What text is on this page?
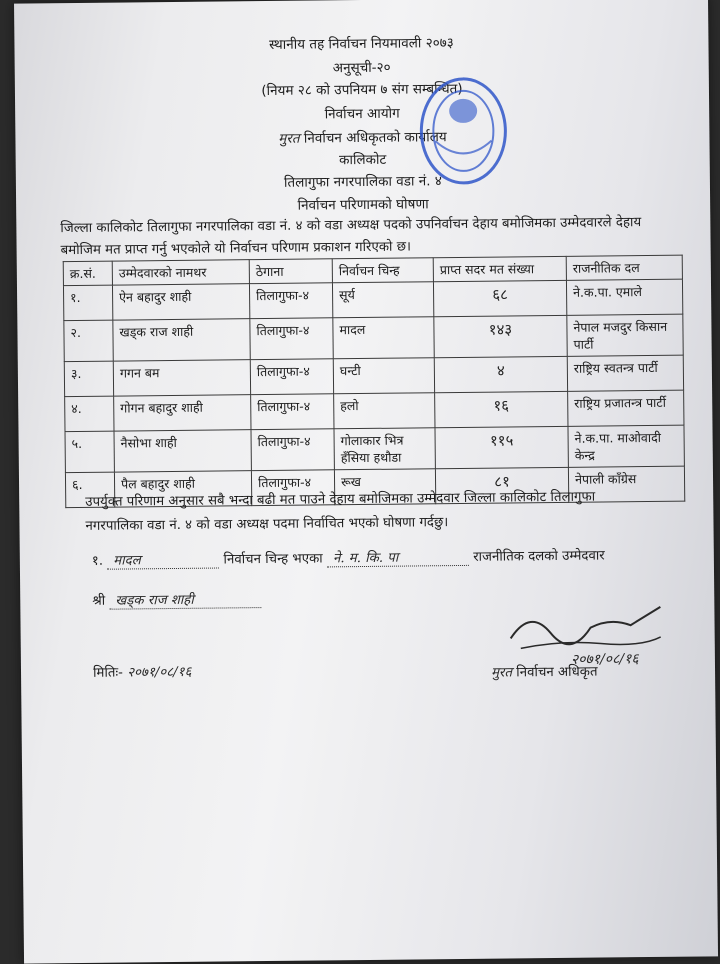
स्थानीय तह निर्वाचन नियमावली २०७३
अनुसूची-२०
(नियम २८ को उपनियम ७ संग सम्बन्धित)
निर्वाचन आयोग
मुरत निर्वाचन अधिकृतको कार्यालय
कालिकोट
तिलागुफा नगरपालिका वडा नं. ४
निर्वाचन परिणामको घोषणा
जिल्ला कालिकोट तिलागुफा नगरपालिका वडा नं. ४ को वडा अध्यक्ष पदको उपनिर्वाचन देहाय बमोजिमका उम्मेदवारले देहाय बमोजिम मत प्राप्त गर्नु भएकोले यो निर्वाचन परिणाम प्रकाशन गरिएको छ।
क्र.सं.	उम्मेदवारको नामथर	ठेगाना	निर्वाचन चिन्ह	प्राप्त सदर मत संख्या	राजनीतिक दल
१.	ऐन बहादुर शाही	तिलागुफा-४	सूर्य	६८	ने.क.पा. एमाले
२.	खड्क राज शाही	तिलागुफा-४	मादल	१४३	नेपाल मजदुर किसान पार्टी
३.	गगन बम	तिलागुफा-४	घन्टी	४	राष्ट्रिय स्वतन्त्र पार्टी
४.	गोगन बहादुर शाही	तिलागुफा-४	हलो	१६	राष्ट्रिय प्रजातन्त्र पार्टी
५.	नैसोभा शाही	तिलागुफा-४	गोलाकार भित्र हँसिया हथौडा	११५	ने.क.पा. माओवादी केन्द्र
६.	पैल बहादुर शाही	तिलागुफा-४	रूख	८१	नेपाली काँग्रेस
उपर्युक्त परिणाम अनुसार सबै भन्दा बढी मत पाउने देहाय बमोजिमका उम्मेदवार जिल्ला कालिकोट तिलागुफा नगरपालिका वडा नं. ४ को वडा अध्यक्ष पदमा निर्वाचित भएको घोषणा गर्दछु।
१. मादल	निर्वाचन चिन्ह भएका ने. म. कि. पा	राजनीतिक दलको उम्मेदवार
श्री खड्क राज शाही
२०७१/०८/१६
मितिः- २०७१/०८/१६	मुरत निर्वाचन अधिकृत
